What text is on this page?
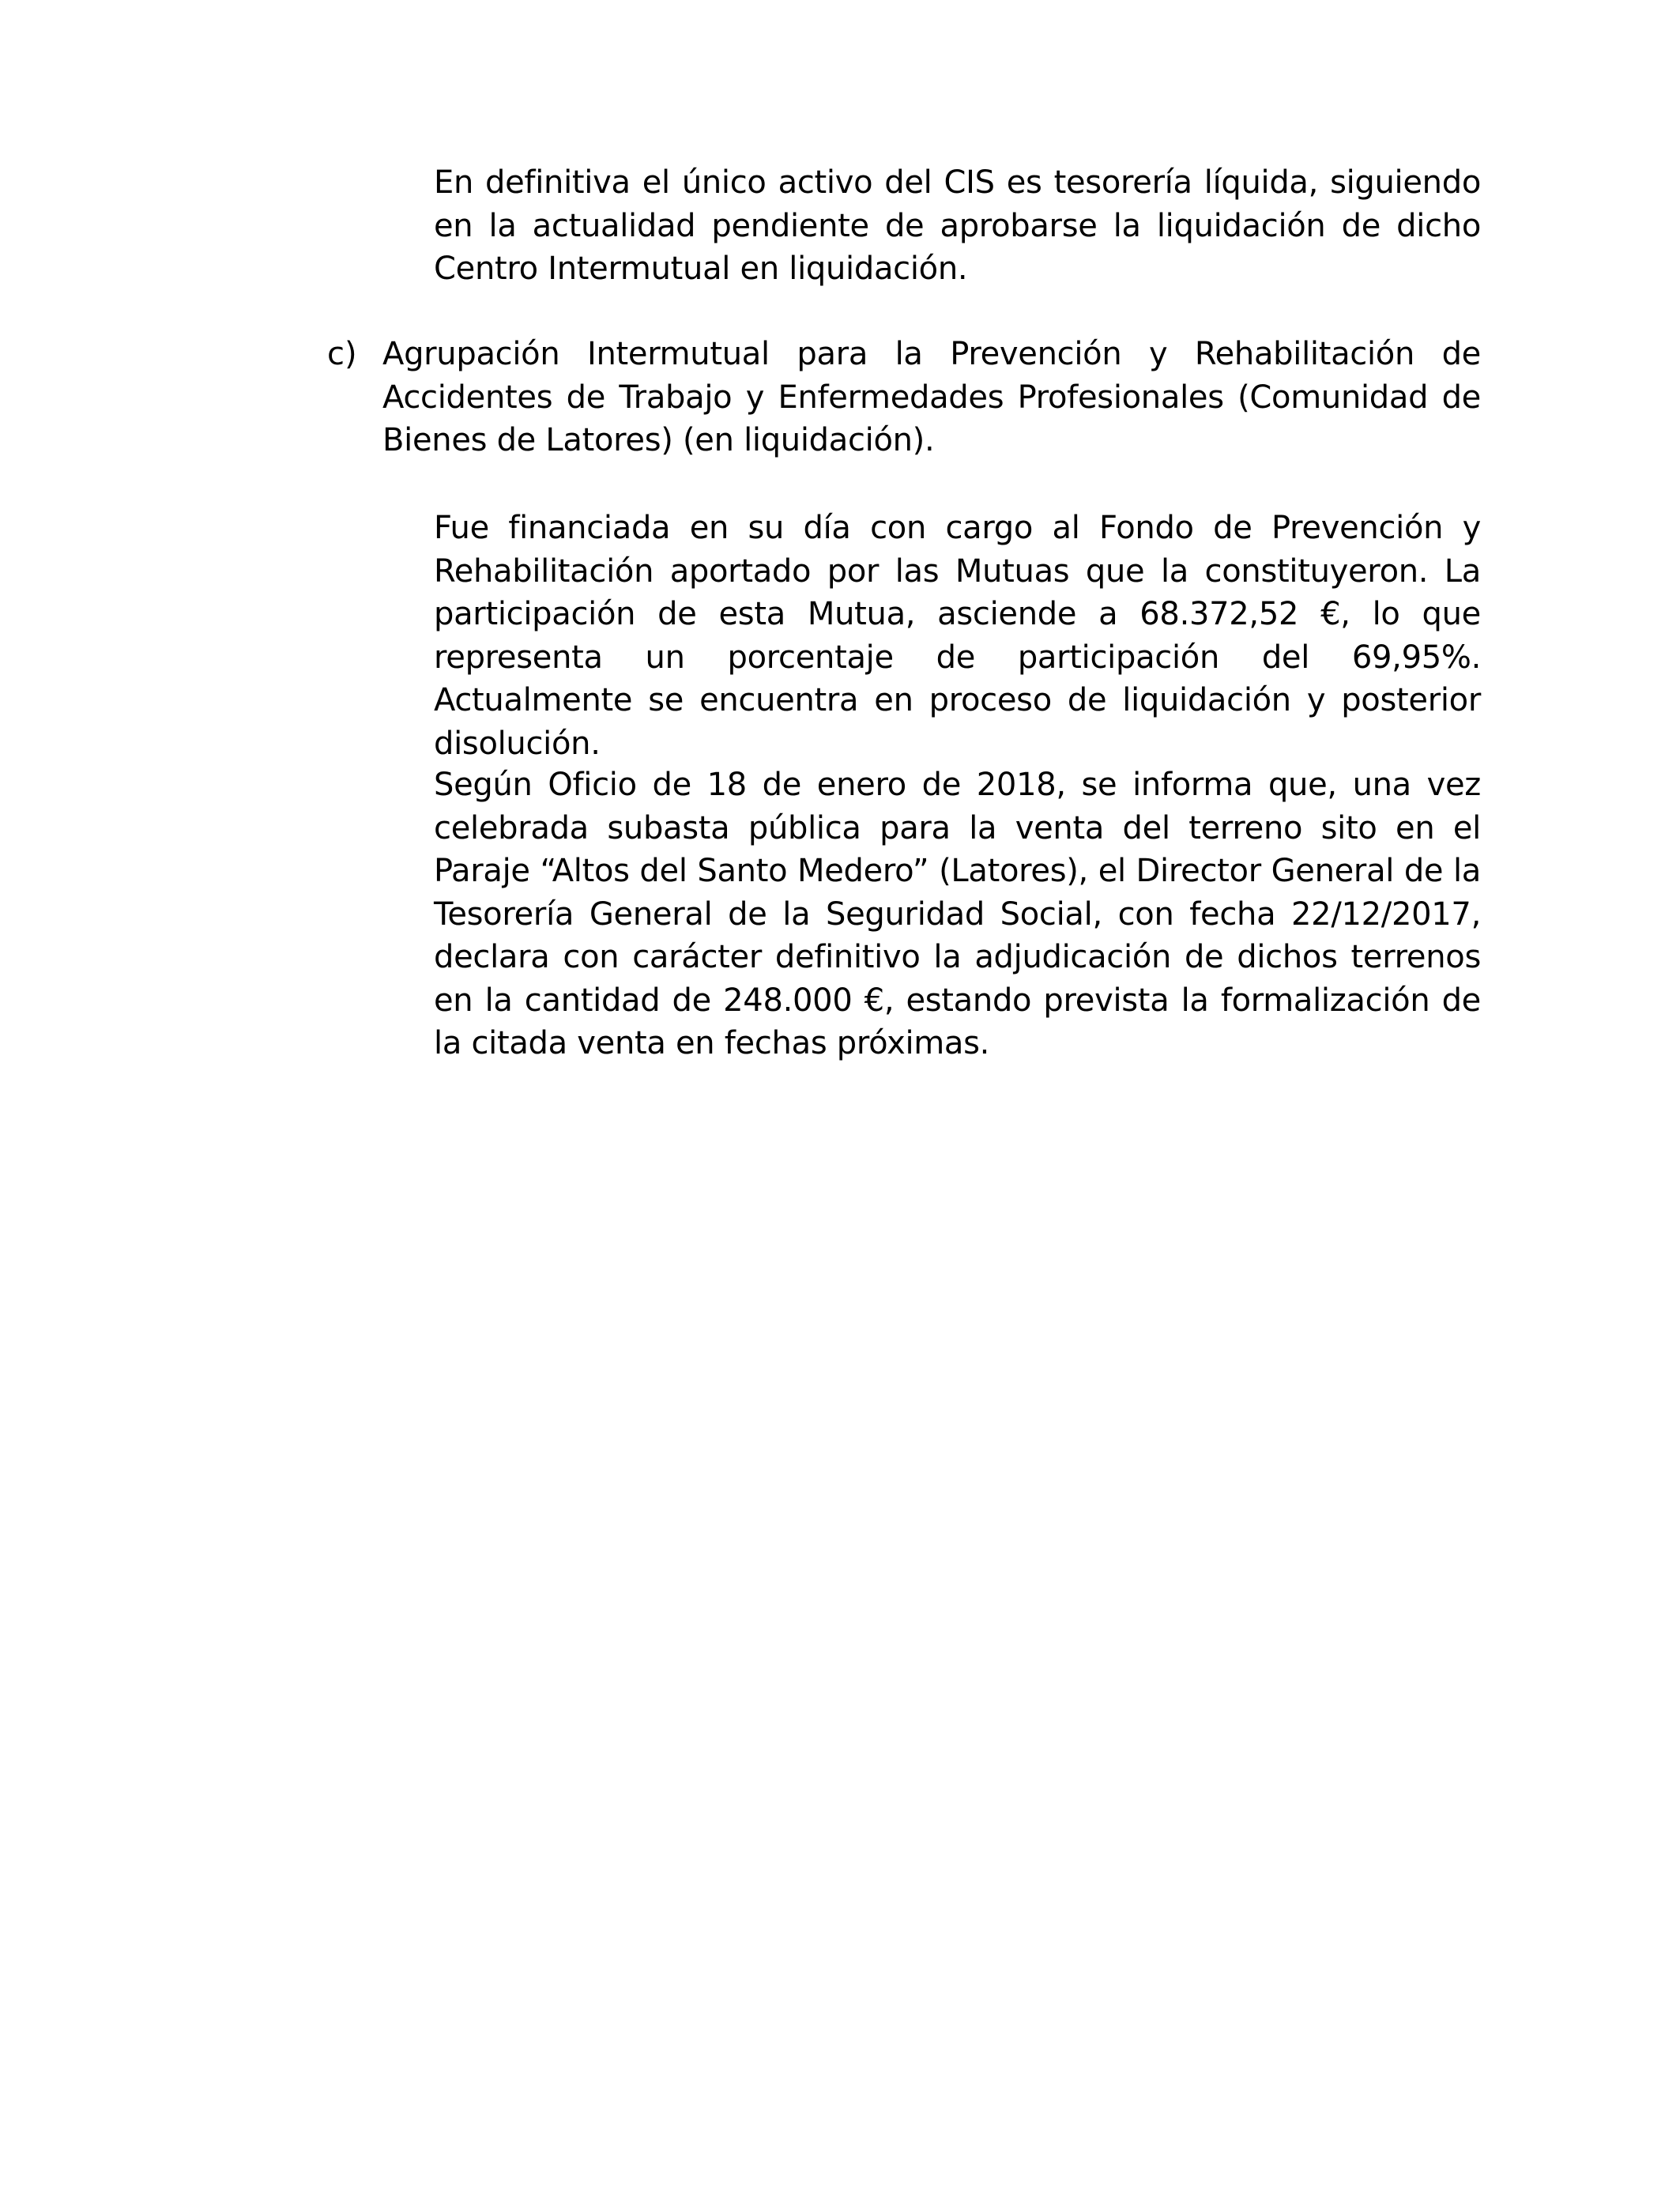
En definitiva el único activo del CIS es tesorería líquida, siguiendo en la actualidad pendiente de aprobarse la liquidación de dicho Centro Intermutual en liquidación.

c) Agrupación Intermutual para la Prevención y Rehabilitación de Accidentes de Trabajo y Enfermedades Profesionales (Comunidad de Bienes de Latores) (en liquidación).

Fue financiada en su día con cargo al Fondo de Prevención y Rehabilitación aportado por las Mutuas que la constituyeron. La participación de esta Mutua, asciende a 68.372,52 €, lo que representa un porcentaje de participación del 69,95%. Actualmente se encuentra en proceso de liquidación y posterior disolución.

Según Oficio de 18 de enero de 2018, se informa que, una vez celebrada subasta pública para la venta del terreno sito en el Paraje “Altos del Santo Medero” (Latores), el Director General de la Tesorería General de la Seguridad Social, con fecha 22/12/2017, declara con carácter definitivo la adjudicación de dichos terrenos en la cantidad de 248.000 €, estando prevista la formalización de la citada venta en fechas próximas.
